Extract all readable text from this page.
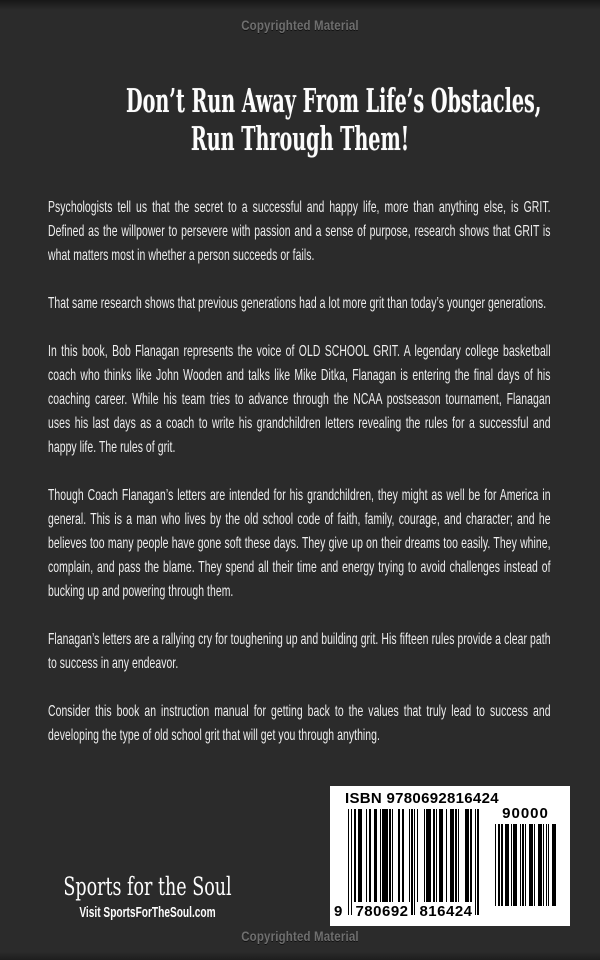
Copyrighted Material
Don’t Run Away From Life’s Obstacles,
Run Through Them!

Psychologists tell us that the secret to a successful and happy life, more than anything else, is GRIT. Defined as the willpower to persevere with passion and a sense of purpose, research shows that GRIT is what matters most in whether a person succeeds or fails.

That same research shows that previous generations had a lot more grit than today’s younger generations.

In this book, Bob Flanagan represents the voice of OLD SCHOOL GRIT. A legendary college basketball coach who thinks like John Wooden and talks like Mike Ditka, Flanagan is entering the final days of his coaching career. While his team tries to advance through the NCAA postseason tournament, Flanagan uses his last days as a coach to write his grandchildren letters revealing the rules for a successful and happy life. The rules of grit.

Though Coach Flanagan’s letters are intended for his grandchildren, they might as well be for America in general. This is a man who lives by the old school code of faith, family, courage, and character; and he believes too many people have gone soft these days. They give up on their dreams too easily. They whine, complain, and pass the blame. They spend all their time and energy trying to avoid challenges instead of bucking up and powering through them.

Flanagan’s letters are a rallying cry for toughening up and building grit. His fifteen rules provide a clear path to success in any endeavor.

Consider this book an instruction manual for getting back to the values that truly lead to success and developing the type of old school grit that will get you through anything.

Sports for the Soul
Visit SportsForTheSoul.com
ISBN 9780692816424
9 780692 816424
90000
Copyrighted Material
